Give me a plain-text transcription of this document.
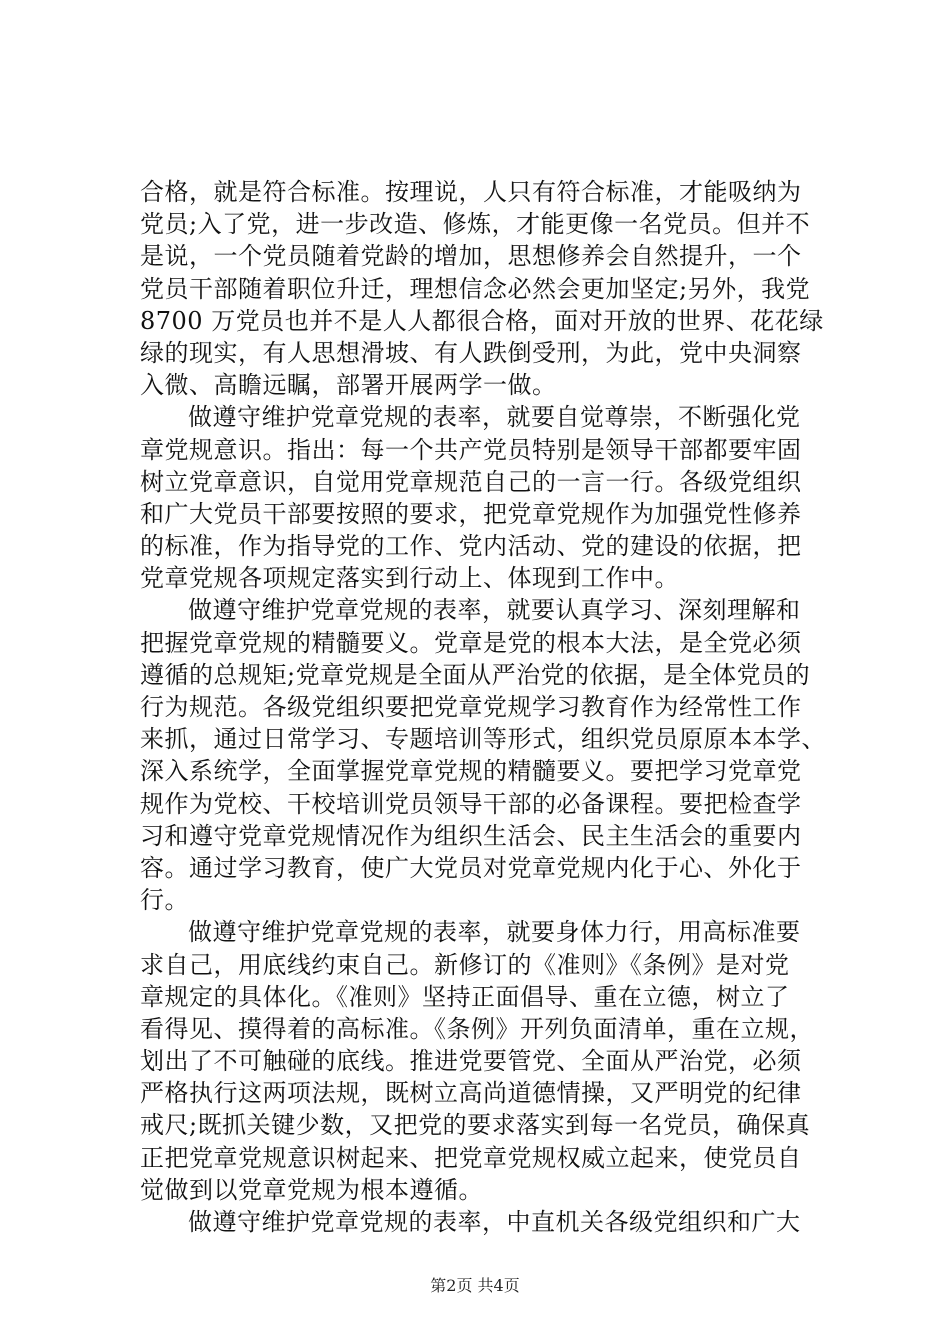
合格，就是符合标准。按理说，人只有符合标准，才能吸纳为
党员;入了党，进一步改造、修炼，才能更像一名党员。但并不
是说，一个党员随着党龄的增加，思想修养会自然提升，一个
党员干部随着职位升迁，理想信念必然会更加坚定;另外，我党
8700 万党员也并不是人人都很合格，面对开放的世界、花花绿
绿的现实，有人思想滑坡、有人跌倒受刑，为此，党中央洞察
入微、高瞻远瞩，部署开展两学一做。
做遵守维护党章党规的表率，就要自觉尊崇，不断强化党
章党规意识。指出：每一个共产党员特别是领导干部都要牢固
树立党章意识，自觉用党章规范自己的一言一行。各级党组织
和广大党员干部要按照的要求，把党章党规作为加强党性修养
的标准，作为指导党的工作、党内活动、党的建设的依据，把
党章党规各项规定落实到行动上、体现到工作中。
做遵守维护党章党规的表率，就要认真学习、深刻理解和
把握党章党规的精髓要义。党章是党的根本大法，是全党必须
遵循的总规矩;党章党规是全面从严治党的依据，是全体党员的
行为规范。各级党组织要把党章党规学习教育作为经常性工作
来抓，通过日常学习、专题培训等形式，组织党员原原本本学、
深入系统学，全面掌握党章党规的精髓要义。要把学习党章党
规作为党校、干校培训党员领导干部的必备课程。要把检查学
习和遵守党章党规情况作为组织生活会、民主生活会的重要内
容。通过学习教育，使广大党员对党章党规内化于心、外化于
行。
做遵守维护党章党规的表率，就要身体力行，用高标准要
求自己，用底线约束自己。新修订的《准则》《条例》是对党
章规定的具体化。《准则》坚持正面倡导、重在立德，树立了
看得见、摸得着的高标准。《条例》开列负面清单，重在立规，
划出了不可触碰的底线。推进党要管党、全面从严治党，必须
严格执行这两项法规，既树立高尚道德情操，又严明党的纪律
戒尺;既抓关键少数，又把党的要求落实到每一名党员，确保真
正把党章党规意识树起来、把党章党规权威立起来，使党员自
觉做到以党章党规为根本遵循。
做遵守维护党章党规的表率，中直机关各级党组织和广大
第2页 共4页
